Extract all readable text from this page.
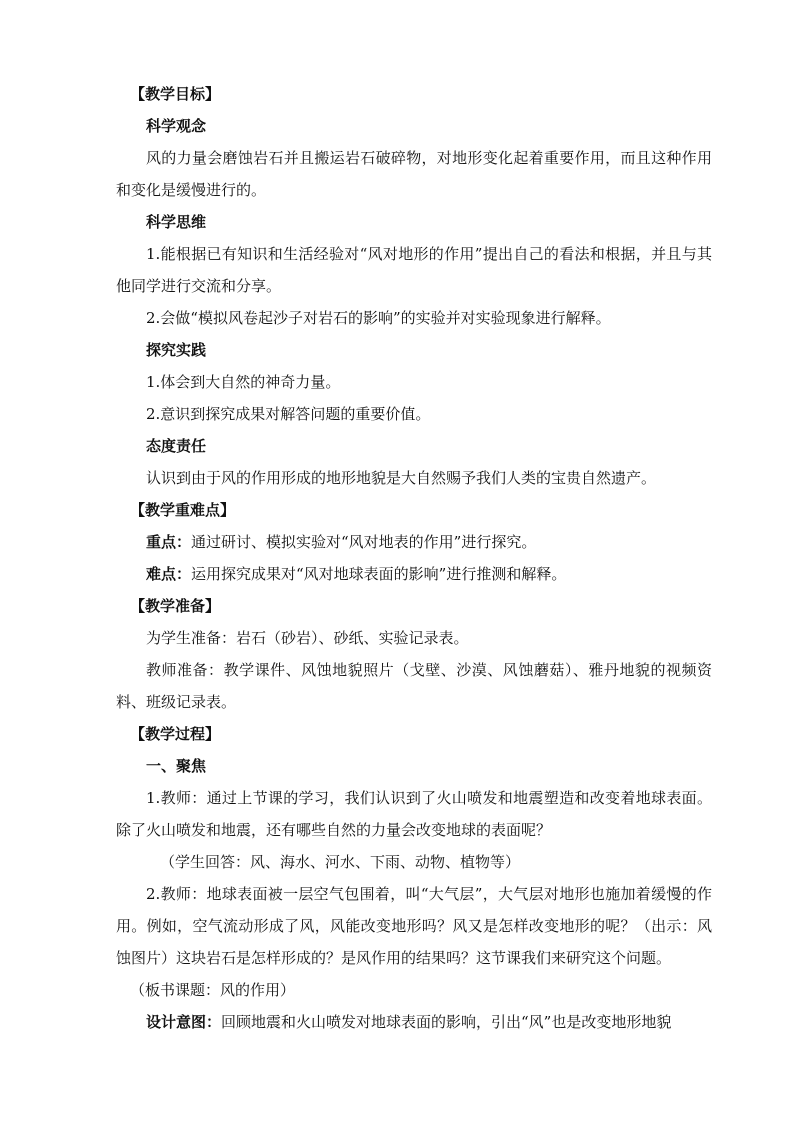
【教学目标】
科学观念

风的力量会磨蚀岩石并且搬运岩石破碎物，对地形变化起着重要作用，而且这种作用和变化是缓慢进行的。

科学思维

1.能根据已有知识和生活经验对“风对地形的作用”提出自己的看法和根据，并且与其他同学进行交流和分享。

2.会做“模拟风卷起沙子对岩石的影响”的实验并对实验现象进行解释。

探究实践

1.体会到大自然的神奇力量。

2.意识到探究成果对解答问题的重要价值。

态度责任

认识到由于风的作用形成的地形地貌是大自然赐予我们人类的宝贵自然遗产。

【教学重难点】
重点：通过研讨、模拟实验对“风对地表的作用”进行探究。
难点：运用探究成果对“风对地球表面的影响”进行推测和解释。
【教学准备】

为学生准备：岩石（砂岩）、砂纸、实验记录表。

教师准备：教学课件、风蚀地貌照片（戈壁、沙漠、风蚀蘑菇）、雅丹地貌的视频资料、班级记录表。

【教学过程】
一、聚焦

1.教师：通过上节课的学习，我们认识到了火山喷发和地震塑造和改变着地球表面。除了火山喷发和地震，还有哪些自然的力量会改变地球的表面呢？

（学生回答：风、海水、河水、下雨、动物、植物等）

2.教师：地球表面被一层空气包围着，叫“大气层”，大气层对地形也施加着缓慢的作用。例如，空气流动形成了风，风能改变地形吗？风又是怎样改变地形的呢？（出示：风蚀图片）这块岩石是怎样形成的？是风作用的结果吗？这节课我们来研究这个问题。

（板书课题：风的作用）
设计意图：回顾地震和火山喷发对地球表面的影响，引出“风”也是改变地形地貌
